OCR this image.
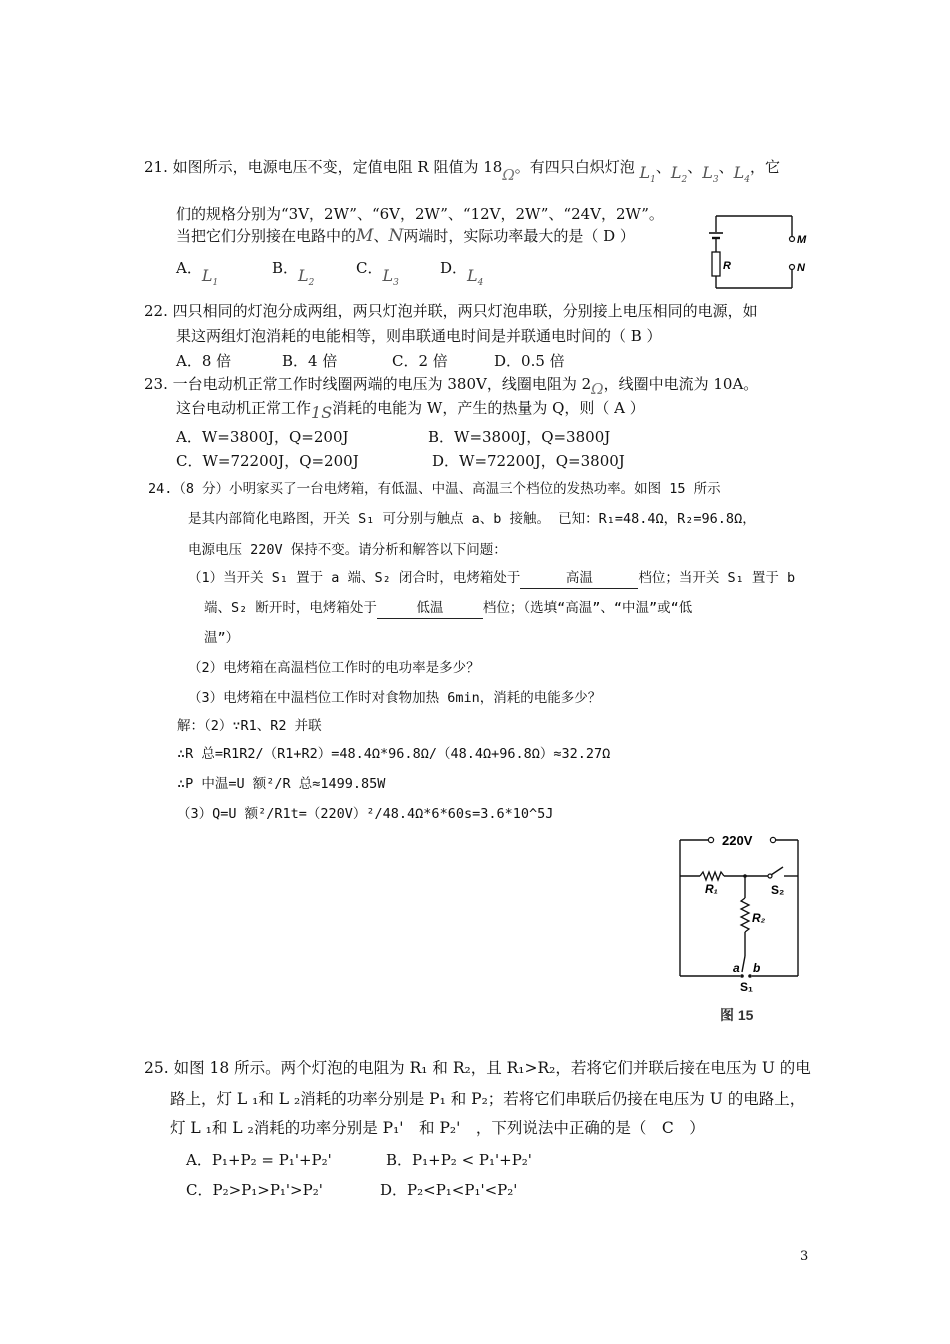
21. 如图所示，电源电压不变，定值电阻 R 阻值为 18Ω。有四只白炽灯泡 $L_1$、$L_2$、$L_3$、$L_4$，它
们的规格分别为“3V，2W”、“6V，2W”、“12V，2W”、“24V，2W”。
当把它们分别接在电路中的M、N两端时，实际功率最大的是（ D ）
A．$L_1$
B．$L_2$
C．$L_3$
D．$L_4$
M
N
R
22. 四只相同的灯泡分成两组，两只灯泡并联，两只灯泡串联，分别接上电压相同的电源，如
果这两组灯泡消耗的电能相等，则串联通电时间是并联通电时间的（ B ）
A．8 倍	B．4 倍	C．2 倍	D．0.5 倍
23. 一台电动机正常工作时线圈两端的电压为 380V，线圈电阻为 2Ω，线圈中电流为 10A。
这台电动机正常工作1S消耗的电能为 W，产生的热量为 Q，则（ A ）
A．W=3800J，Q=200J	B．W=3800J，Q=3800J
C．W=72200J，Q=200J	D．W=72200J，Q=3800J
24.（8 分）小明家买了一台电烤箱，有低温、中温、高温三个档位的发热功率。如图 15 所示
是其内部简化电路图，开关 S₁ 可分别与触点 a、b 接触。 已知：R₁=48.4Ω，R₂=96.8Ω，
电源电压 220V 保持不变。请分析和解答以下问题：
（1）当开关 S₁ 置于 a 端、S₂ 闭合时，电烤箱处于	高温	档位；当开关 S₁ 置于 b
端、S₂ 断开时，电烤箱处于	低温	档位；（选填“高温”、“中温”或“低
温”）
（2）电烤箱在高温档位工作时的电功率是多少？
（3）电烤箱在中温档位工作时对食物加热 6min，消耗的电能多少？
解：（2）∵R1、R2 并联
∴R 总=R1R2/（R1+R2）=48.4Ω*96.8Ω/（48.4Ω+96.8Ω）≈32.27Ω
∴P 中温=U 额²/R 总≈1499.85W
（3）Q=U 额²/R1t=（220V）²/48.4Ω*6*60s=3.6*10^5J
220V
R₁	S₂
R₂
a b
S₁
图 15
25. 如图 18 所示。两个灯泡的电阻为 R₁ 和 R₂，且 R₁>R₂，若将它们并联后接在电压为 U 的电
路上，灯 L ₁和 L ₂消耗的功率分别是 P₁ 和 P₂；若将它们串联后仍接在电压为 U 的电路上，
灯 L ₁和 L ₂消耗的功率分别是 P₁'　和 P₂'　，下列说法中正确的是（　C　）
A．P₁+P₂ = P₁'+P₂'	B．P₁+P₂ < P₁'+P₂'
C．P₂>P₁>P₁'>P₂'	D．P₂<P₁<P₁'<P₂'
3
